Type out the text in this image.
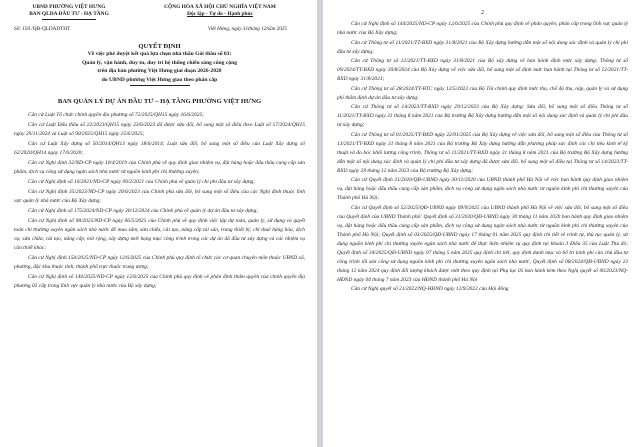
UBND PHƯỜNG VIỆT HƯNG
BAN QLDA ĐẦU TƯ - HẠ TẦNG
CỘNG HÒA XÃ HỘI CHỦ NGHĨA VIỆT NAM
Độc lập - Tự do - Hạnh phúc
Số: 158 /QĐ-QLDADTHT	Việt Hưng, ngày 31tháng 12năm 2025
QUYẾT ĐỊNH
Về việc phê duyệt kết quả lựa chọn nhà thầu Gói thầu số 03:
Quản lý, vận hành, duy tu, duy trì hệ thống chiếu sáng công cộng
trên địa bàn phường Việt Hưng giai đoạn 2026-2028
do UBND phường Việt Hưng giao theo phân cấp
BAN QUẢN LÝ DỰ ÁN ĐẦU TƯ – HẠ TẦNG PHƯỜNG VIỆT HƯNG

Căn cứ Luật Tổ chức chính quyền địa phương số 72/2025/QH15 ngày 16/6/2025;

Căn cứ Luật Đấu thầu số 22/2023/QH15 ngày 23/6/2023 đã được sửa đổi, bổ sung một số điều theo Luật số 57/2024/QH15 ngày 29/11/2024 và Luật số 90/2025/QH15 ngày 25/6/2025;

Căn cứ Luật Xây dựng số 50/2014/QH13 ngày 18/6/2014; Luật sửa đổi, bổ sung một số điều của Luật Xây dựng số 62/2020/QH14 ngày 17/6/2020;

Căn cứ Nghị định 32/ND-CP ngày 10/4/2019 của Chính phủ về quy định giao nhiệm vụ, đặt hàng hoặc đấu thầu cung cấp sản phẩm, dịch vụ công sử dụng ngân sách nhà nước từ nguồn kinh phí chi thường xuyên;

Căn cứ Nghị định số 10/2021/ND-CP ngày 09/2/2021 của Chính phủ về quản lý chi phí đầu tư xây dựng;

Căn cứ Nghị định 35/2023/ND-CP ngày 20/6/2023 của Chính phủ sửa đổi, bổ sung một số điều của các Nghị định thuộc lĩnh vực quản lý nhà nước của Bộ Xây dựng;

Căn cứ Nghị định số 175/2024/ND-CP ngày 30/12/2024 của Chính phủ về quản lý dự án đầu tư xây dựng;

Căn cứ Nghị định số 98/2025/ND-CP ngày 06/5/2025 của Chính phủ về quy định việc lập dự toán, quản lý, sử dụng và quyết toán chi thường xuyên ngân sách nhà nước để mua sắm, sửa chữa, cải tạo, nâng cấp tài sản, trang thiết bị; chi thuê hàng hóa, dịch vụ; sửa chữa, cải tạo, nâng cấp, mở rộng, xây dựng mới hạng mục công trình trong các dự án đã đầu tư xây dựng và các nhiệm vụ cần thiết khác;

Căn cứ Nghị định 150/2025/ND-CP ngày 12/6/2025 của Chính phủ quy định tổ chức các cơ quan chuyên môn thuộc UBND xã, phường, đặc khu thuộc tỉnh, thành phố trực thuộc trung ương;

Căn cứ Nghị định số 140/2025/ND-CP ngày 12/6/2025 của Chính phủ quy định về phân định thẩm quyền của chính quyền địa phương 02 cấp trong lĩnh vực quản lý nhà nước của Bộ xây dựng;

2

Căn cứ Nghị định số 144/2025/ND-CP ngày 12/6/2025 của Chính phủ quy định về phân quyền, phân cấp trong lĩnh vực quản lý nhà nước của Bộ Xây dựng;

Căn cứ Thông tư số 11/2021/TT-BXD ngày 31/8/2021 của Bộ Xây dựng hướng dẫn một số nội dung xác định và quản lý chi phí đầu tư xây dựng;

Căn cứ Thông tư số 12/2021/TT-BXD ngày 31/8/2021 của Bộ xây dựng về ban hành định mức xây dựng; Thông tư số 09/2024/TT-BXD ngày 30/8/2024 của Bộ Xây dựng về việc sửa đổi, bổ sung một số định mức ban hành tại Thông tư số 12/2021/TT-BXD ngày 31/8/2021;

Căn cứ Thông tư số 28/2024/TT-BTC ngày 12/5/2023 của Bộ Tài chính quy định mức thu, chế độ thu, nộp, quản lý và sử dụng phí thẩm định dự án đầu tư xây dựng;

Căn cứ Thông tư số 14/2023/TT-BXD ngày 29/12/2023 của Bộ Xây dựng: Sửa đổi, bổ sung một số điều Thông tư số 11/2021/TT-BXD ngày 31 tháng 8 năm 2021 của Bộ trưởng Bộ Xây dựng hướng dẫn một số nội dung xác định và quản lý chi phí đầu tư xây dựng;

Căn cứ Thông tư số 01/2025/TT-BXD ngày 22/01/2025 của Bộ Xây dựng về việc sửa đổi, bổ sung một số điều của Thông tư số 13/2021/TT-BXD ngày 31 tháng 8 năm 2021 của Bộ trưởng Bộ Xây dựng hướng dẫn phương pháp xác định các chỉ tiêu kinh tế kỹ thuật và đo bóc khối lượng công trình, Thông tư số 11/2021/TT-BXD ngày 31 tháng 8 năm 2021 của Bộ trưởng Bộ Xây dựng hướng dẫn một số nội dung xác định và quản lý chi phí đầu tư xây dựng đã được sửa đổi, bổ sung một số điều tại Thông tư số 14/2023/TT-BXD ngày 29 tháng 12 năm 2023 của Bộ trưởng Bộ Xây dựng;

Căn cứ Quyết định 31/2020/QĐ-UBND ngày 30/11/2020 của UBND thành phố Hà Nội về việc ban hành quy định giao nhiệm vụ, đặt hàng hoặc đấu thầu cung cấp sản phẩm, dịch vụ công sử dụng ngân sách nhà nước từ nguồn kinh phí chi thường xuyên của Thành phố Hà Nội;

Căn cứ Quyết định số 52/2025/QĐ-UBND ngày 09/9/2025 của UBND thành phố Hà Nội về việc sửa đổi, bổ sung một số điều của Quyết định của UBND Thành phố: Quyết định số 31/2020/QĐ-UBND ngày 30 tháng 11 năm 2020 ban hành quy định giao nhiệm vụ, đặt hàng hoặc đấu thầu cung cấp sản phẩm, dịch vụ công sử dụng ngân sách nhà nước từ nguồn kinh phí chi thường xuyên của Thành phố Hà Nội; Quyết định số 03/2025/QĐ-UBND ngày 17 tháng 01 năm 2025 quy định chi tiết về trình tự, thủ tục quản lý, sử dụng nguồn kinh phí chi thường xuyên ngân sách nhà nước để thực hiện nhiệm vụ quy định tại khoản 3 Điều 35 của Luật Thủ đô; Quyết định số 34/2025/QĐ-UBND ngày 07 tháng 5 năm 2025 quy định chi tiết, quy định danh mục và bổ trí kinh phí của chủ đầu tư công trình tối sản công sử dụng nguồn kinh phí chi thường xuyên ngân sách nhà nước, Quyết định số 08/2024/QĐ-UBND ngày 23 tháng 12 năm 2024 quy định đối tượng khách được mời theo quy định tại Phụ lục 05 ban hành kèm theo Nghị quyết số 06/2023/NQ-HĐND ngày 04 tháng 7 năm 2023 của HĐND thành phố Hà Nội

Căn cứ Nghị quyết số 21/2022/NQ-HĐND ngày 12/9/2022 của Hội đồng
